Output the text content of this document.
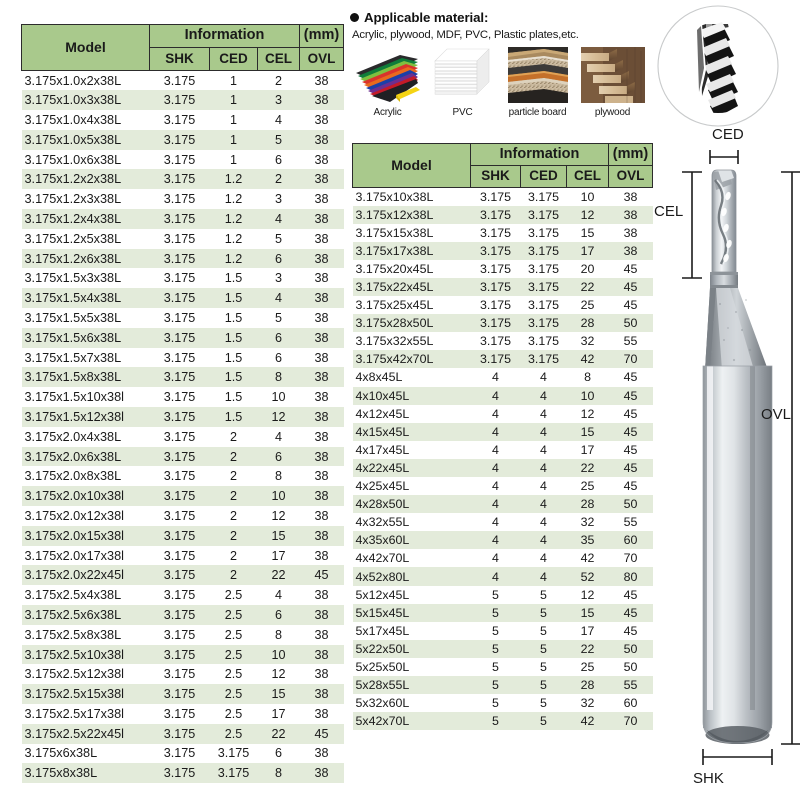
Model	Information			(mm)
	SHK	CED	CEL	OVL
3.175x1.0x2x38L	3.175	1	2	38
3.175x1.0x3x38L	3.175	1	3	38
3.175x1.0x4x38L	3.175	1	4	38
3.175x1.0x5x38L	3.175	1	5	38
3.175x1.0x6x38L	3.175	1	6	38
3.175x1.2x2x38L	3.175	1.2	2	38
3.175x1.2x3x38L	3.175	1.2	3	38
3.175x1.2x4x38L	3.175	1.2	4	38
3.175x1.2x5x38L	3.175	1.2	5	38
3.175x1.2x6x38L	3.175	1.2	6	38
3.175x1.5x3x38L	3.175	1.5	3	38
3.175x1.5x4x38L	3.175	1.5	4	38
3.175x1.5x5x38L	3.175	1.5	5	38
3.175x1.5x6x38L	3.175	1.5	6	38
3.175x1.5x7x38L	3.175	1.5	6	38
3.175x1.5x8x38L	3.175	1.5	8	38
3.175x1.5x10x38l	3.175	1.5	10	38
3.175x1.5x12x38l	3.175	1.5	12	38
3.175x2.0x4x38L	3.175	2	4	38
3.175x2.0x6x38L	3.175	2	6	38
3.175x2.0x8x38L	3.175	2	8	38
3.175x2.0x10x38l	3.175	2	10	38
3.175x2.0x12x38l	3.175	2	12	38
3.175x2.0x15x38l	3.175	2	15	38
3.175x2.0x17x38l	3.175	2	17	38
3.175x2.0x22x45l	3.175	2	22	45
3.175x2.5x4x38L	3.175	2.5	4	38
3.175x2.5x6x38L	3.175	2.5	6	38
3.175x2.5x8x38L	3.175	2.5	8	38
3.175x2.5x10x38l	3.175	2.5	10	38
3.175x2.5x12x38l	3.175	2.5	12	38
3.175x2.5x15x38l	3.175	2.5	15	38
3.175x2.5x17x38l	3.175	2.5	17	38
3.175x2.5x22x45l	3.175	2.5	22	45
3.175x6x38L	3.175	3.175	6	38
3.175x8x38L	3.175	3.175	8	38
Applicable material:
Acrylic, plywood, MDF, PVC, Plastic plates,etc.
Acrylic	PVC	particle board	plywood
Model	Information			(mm)
	SHK	CED	CEL	OVL
3.175x10x38L	3.175	3.175	10	38
3.175x12x38L	3.175	3.175	12	38
3.175x15x38L	3.175	3.175	15	38
3.175x17x38L	3.175	3.175	17	38
3.175x20x45L	3.175	3.175	20	45
3.175x22x45L	3.175	3.175	22	45
3.175x25x45L	3.175	3.175	25	45
3.175x28x50L	3.175	3.175	28	50
3.175x32x55L	3.175	3.175	32	55
3.175x42x70L	3.175	3.175	42	70
4x8x45L	4	4	8	45
4x10x45L	4	4	10	45
4x12x45L	4	4	12	45
4x15x45L	4	4	15	45
4x17x45L	4	4	17	45
4x22x45L	4	4	22	45
4x25x45L	4	4	25	45
4x28x50L	4	4	28	50
4x32x55L	4	4	32	55
4x35x60L	4	4	35	60
4x42x70L	4	4	42	70
4x52x80L	4	4	52	80
5x12x45L	5	5	12	45
5x15x45L	5	5	15	45
5x17x45L	5	5	17	45
5x22x50L	5	5	22	50
5x25x50L	5	5	25	50
5x28x55L	5	5	28	55
5x32x60L	5	5	32	60
5x42x70L	5	5	42	70
CED
CEL
OVL
SHK
